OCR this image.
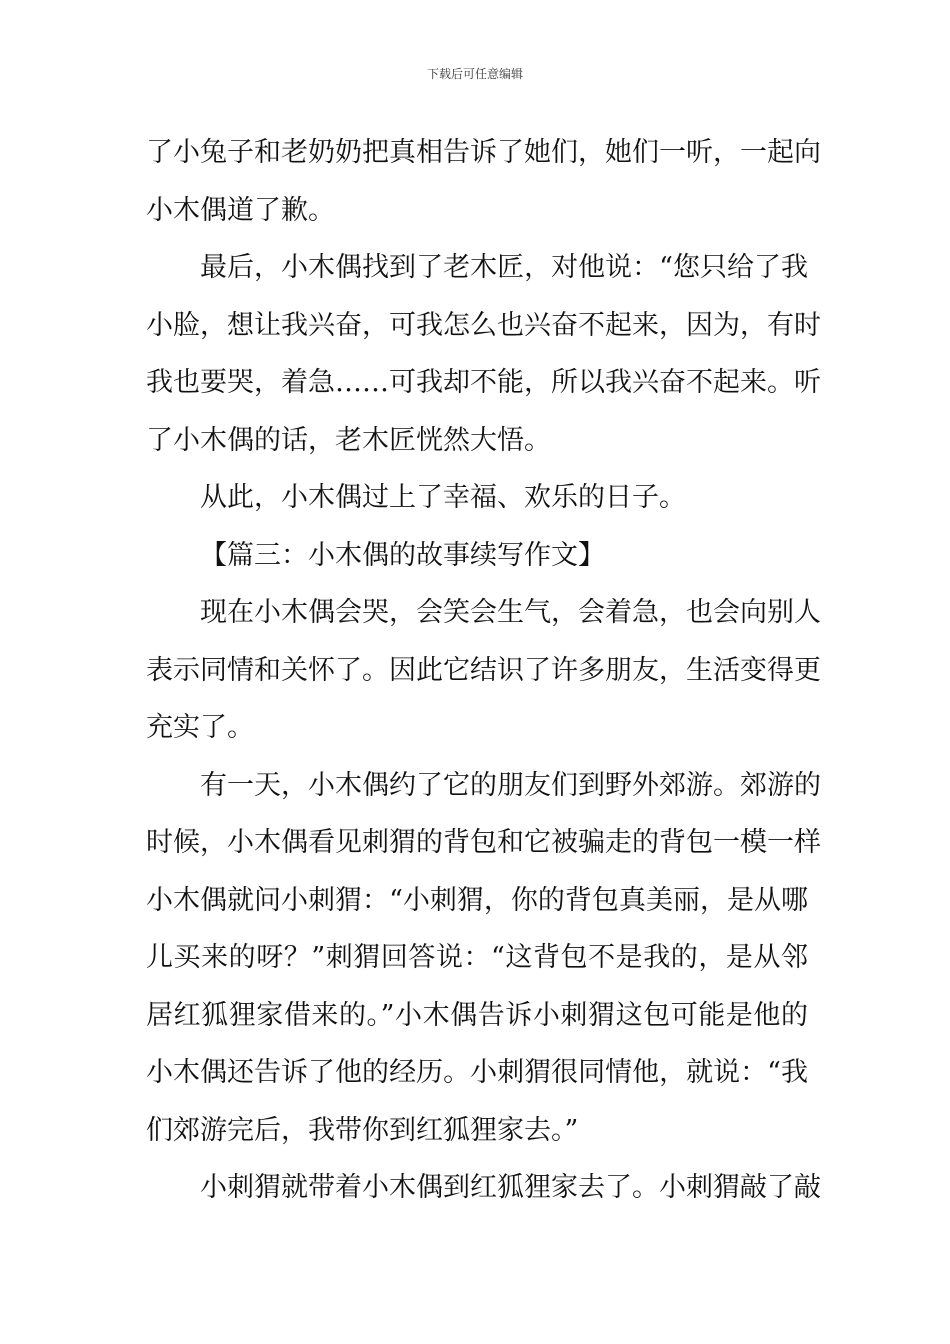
下载后可任意编辑
了小兔子和老奶奶把真相告诉了她们，她们一听，一起向
小木偶道了歉。
最后，小木偶找到了老木匠，对他说：“您只给了我
小脸，想让我兴奋，可我怎么也兴奋不起来，因为，有时
我也要哭，着急……可我却不能，所以我兴奋不起来。听
了小木偶的话，老木匠恍然大悟。
从此，小木偶过上了幸福、欢乐的日子。
【篇三：小木偶的故事续写作文】
现在小木偶会哭，会笑会生气，会着急，也会向别人
表示同情和关怀了。因此它结识了许多朋友，生活变得更
充实了。
有一天，小木偶约了它的朋友们到野外郊游。郊游的
时候，小木偶看见刺猬的背包和它被骗走的背包一模一样
小木偶就问小刺猬：“小刺猬，你的背包真美丽，是从哪
儿买来的呀？”刺猬回答说：“这背包不是我的，是从邻
居红狐狸家借来的。”小木偶告诉小刺猬这包可能是他的
小木偶还告诉了他的经历。小刺猬很同情他，就说：“我
们郊游完后，我带你到红狐狸家去。”
小刺猬就带着小木偶到红狐狸家去了。小刺猬敲了敲
